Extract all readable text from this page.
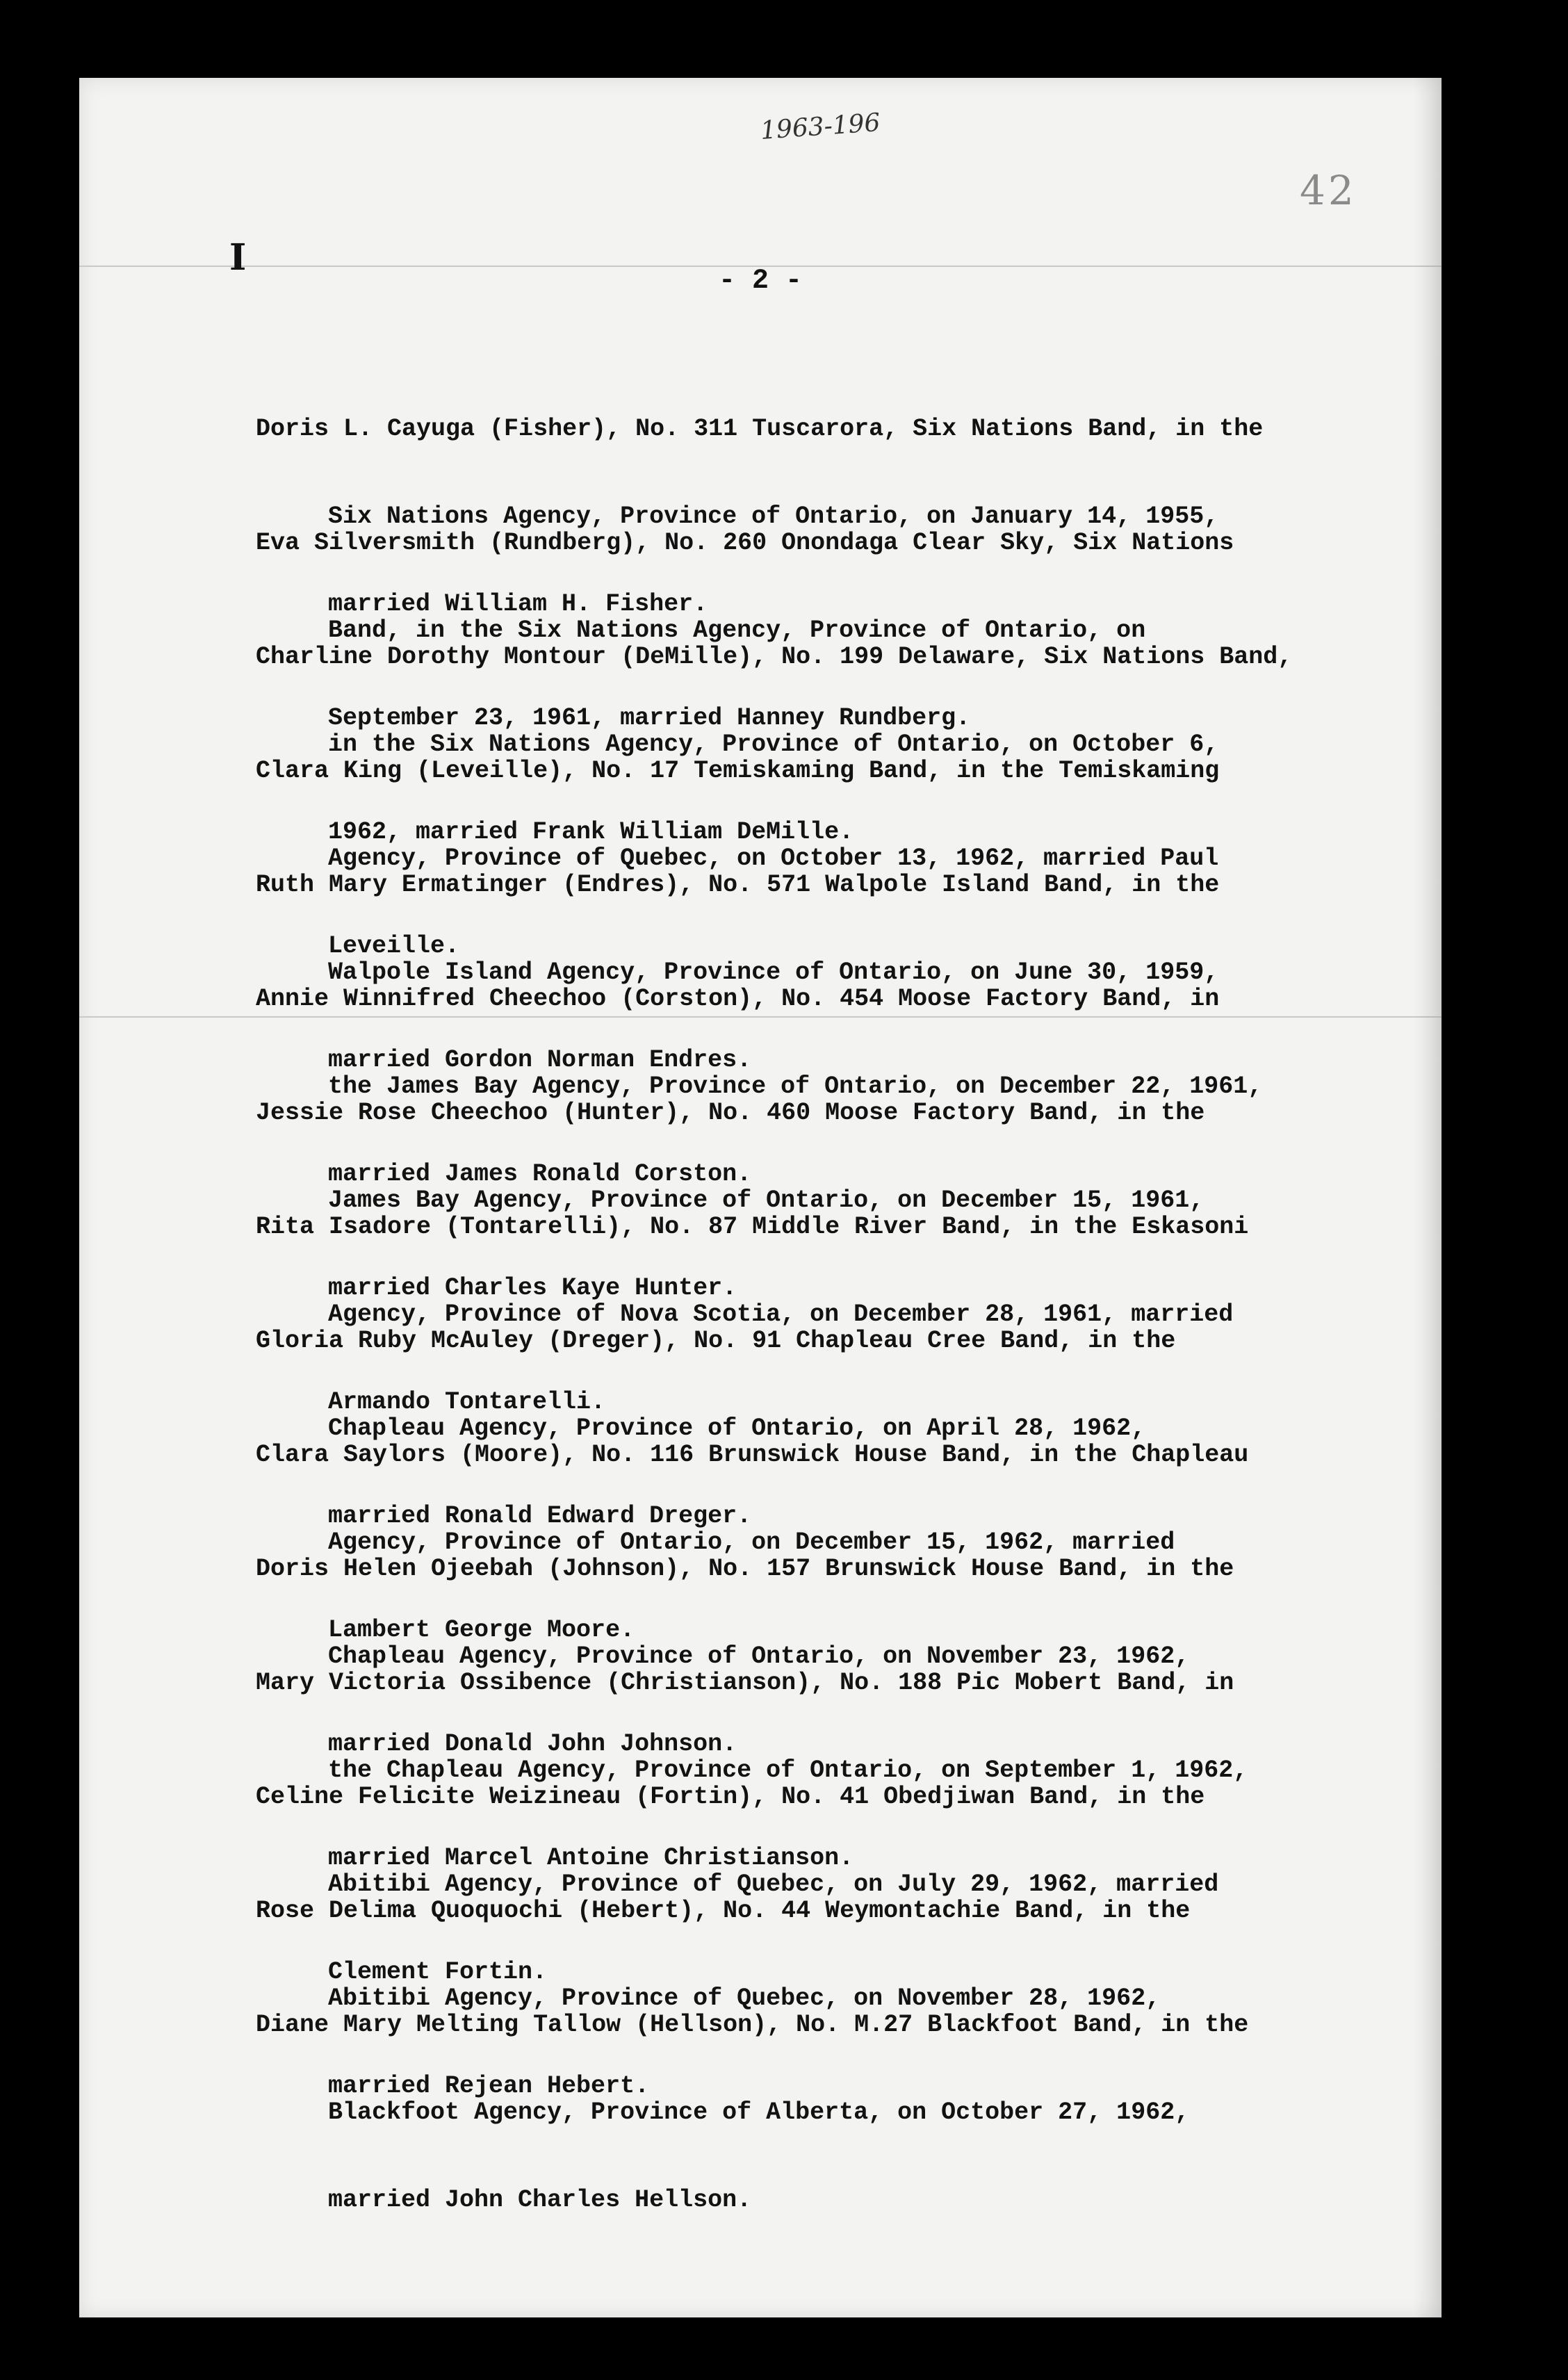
1963-196
42
I
- 2 -

Doris L. Cayuga (Fisher), No. 311 Tuscarora, Six Nations Band, in the

Six Nations Agency, Province of Ontario, on January 14, 1955,

married William H. Fisher.

Eva Silversmith (Rundberg), No. 260 Onondaga Clear Sky, Six Nations

Band, in the Six Nations Agency, Province of Ontario, on

September 23, 1961, married Hanney Rundberg.

Charline Dorothy Montour (DeMille), No. 199 Delaware, Six Nations Band,

in the Six Nations Agency, Province of Ontario, on October 6,

1962, married Frank William DeMille.

Clara King (Leveille), No. 17 Temiskaming Band, in the Temiskaming

Agency, Province of Quebec, on October 13, 1962, married Paul

Leveille.

Ruth Mary Ermatinger (Endres), No. 571 Walpole Island Band, in the

Walpole Island Agency, Province of Ontario, on June 30, 1959,

married Gordon Norman Endres.

Annie Winnifred Cheechoo (Corston), No. 454 Moose Factory Band, in

the James Bay Agency, Province of Ontario, on December 22, 1961,

married James Ronald Corston.

Jessie Rose Cheechoo (Hunter), No. 460 Moose Factory Band, in the

James Bay Agency, Province of Ontario, on December 15, 1961,

married Charles Kaye Hunter.

Rita Isadore (Tontarelli), No. 87 Middle River Band, in the Eskasoni

Agency, Province of Nova Scotia, on December 28, 1961, married

Armando Tontarelli.

Gloria Ruby McAuley (Dreger), No. 91 Chapleau Cree Band, in the

Chapleau Agency, Province of Ontario, on April 28, 1962,

married Ronald Edward Dreger.

Clara Saylors (Moore), No. 116 Brunswick House Band, in the Chapleau

Agency, Province of Ontario, on December 15, 1962, married

Lambert George Moore.

Doris Helen Ojeebah (Johnson), No. 157 Brunswick House Band, in the

Chapleau Agency, Province of Ontario, on November 23, 1962,

married Donald John Johnson.

Mary Victoria Ossibence (Christianson), No. 188 Pic Mobert Band, in

the Chapleau Agency, Province of Ontario, on September 1, 1962,

married Marcel Antoine Christianson.

Celine Felicite Weizineau (Fortin), No. 41 Obedjiwan Band, in the

Abitibi Agency, Province of Quebec, on July 29, 1962, married

Clement Fortin.

Rose Delima Quoquochi (Hebert), No. 44 Weymontachie Band, in the

Abitibi Agency, Province of Quebec, on November 28, 1962,

married Rejean Hebert.

Diane Mary Melting Tallow (Hellson), No. M.27 Blackfoot Band, in the

Blackfoot Agency, Province of Alberta, on October 27, 1962,

married John Charles Hellson.
